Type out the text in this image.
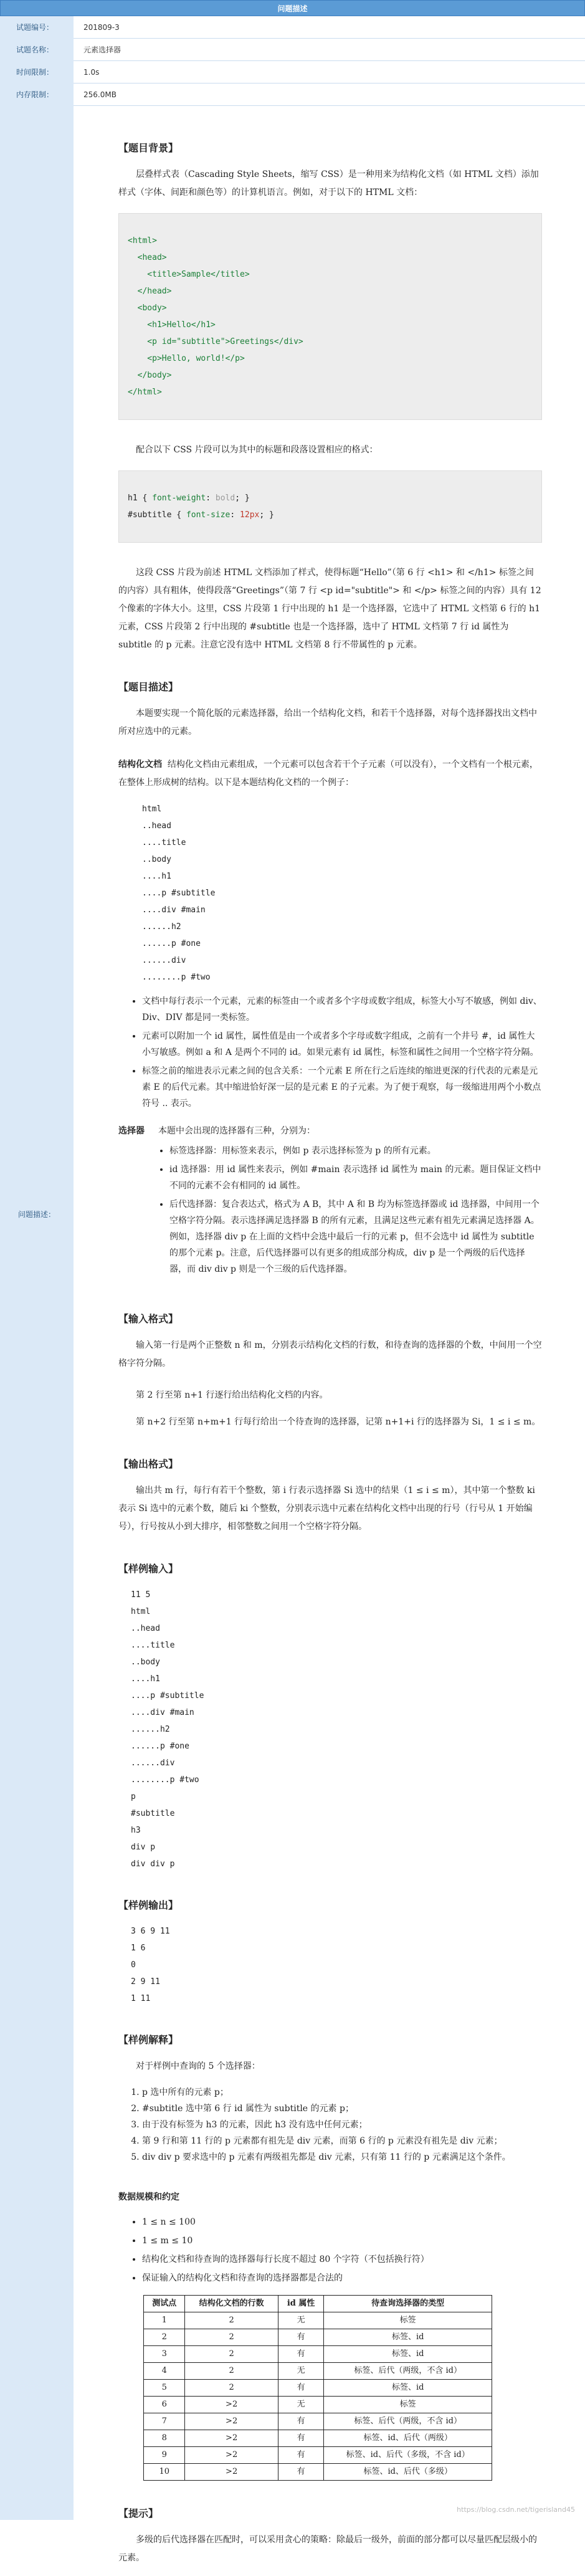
问题描述
试题编号：	201809-3
试题名称：	元素选择器
时间限制：	1.0s
内存限制：	256.0MB
问题描述：
【题目背景】

层叠样式表（Cascading Style Sheets，缩写 CSS）是一种用来为结构化文档（如 HTML 文档）添加样式（字体、间距和颜色等）的计算机语言。例如，对于以下的 HTML 文档：

<html>
<head>
<title>Sample</title>
</head>
<body>
<h1>Hello</h1>
<p id="subtitle">Greetings</div>
<p>Hello, world!</p>
</body>
</html>

配合以下 CSS 片段可以为其中的标题和段落设置相应的格式：

h1 { font-weight: bold; }
#subtitle { font-size: 12px; }

这段 CSS 片段为前述 HTML 文档添加了样式，使得标题“Hello”（第 6 行 <h1> 和 </h1> 标签之间的内容）具有粗体，使得段落“Greetings”（第 7 行 <p id="subtitle"> 和 </p> 标签之间的内容）具有 12 个像素的字体大小。这里，CSS 片段第 1 行中出现的 h1 是一个选择器，它选中了 HTML 文档第 6 行的 h1 元素，CSS 片段第 2 行中出现的 #subtitle 也是一个选择器，选中了 HTML 文档第 7 行 id 属性为 subtitle 的 p 元素。注意它没有选中 HTML 文档第 8 行不带属性的 p 元素。

【题目描述】

本题要实现一个简化版的元素选择器，给出一个结构化文档，和若干个选择器，对每个选择器找出文档中所对应选中的元素。

结构化文档 结构化文档由元素组成，一个元素可以包含若干个子元素（可以没有），一个文档有一个根元素，在整体上形成树的结构。以下是本题结构化文档的一个例子：

html
..head
....title
..body
....h1
....p #subtitle
....div #main
......h2
......p #one
......div
........p #two
• 文档中每行表示一个元素，元素的标签由一个或者多个字母或数字组成，标签大小写不敏感，例如 div、Div、DIV 都是同一类标签。
• 元素可以附加一个 id 属性，属性值是由一个或者多个字母或数字组成，之前有一个井号 #，id 属性大小写敏感。例如 a 和 A 是两个不同的 id。如果元素有 id 属性，标签和属性之间用一个空格字符分隔。
• 标签之前的缩进表示元素之间的包含关系：一个元素 E 所在行之后连续的缩进更深的行代表的元素是元素 E 的后代元素。其中缩进恰好深一层的是元素 E 的子元素。为了便于观察，每一级缩进用两个小数点符号 .. 表示。
选择器	本题中会出现的选择器有三种，分别为：
• 标签选择器：用标签来表示，例如 p 表示选择标签为 p 的所有元素。
• id 选择器：用 id 属性来表示，例如 #main 表示选择 id 属性为 main 的元素。题目保证文档中不同的元素不会有相同的 id 属性。
• 后代选择器：复合表达式，格式为 A B，其中 A 和 B 均为标签选择器或 id 选择器，中间用一个空格字符分隔。表示选择满足选择器 B 的所有元素，且满足这些元素有祖先元素满足选择器 A。例如，选择器 div p 在上面的文档中会选中最后一行的元素 p，但不会选中 id 属性为 subtitle 的那个元素 p。注意，后代选择器可以有更多的组成部分构成，div p 是一个两级的后代选择器，而 div div p 则是一个三级的后代选择器。
【输入格式】

输入第一行是两个正整数 n 和 m，分别表示结构化文档的行数，和待查询的选择器的个数，中间用一个空格字符分隔。

第 2 行至第 n+1 行逐行给出结构化文档的内容。

第 n+2 行至第 n+m+1 行每行给出一个待查询的选择器，记第 n+1+i 行的选择器为 Si，1 ≤ i ≤ m。

【输出格式】

输出共 m 行，每行有若干个整数，第 i 行表示选择器 Si 选中的结果（1 ≤ i ≤ m），其中第一个整数 ki 表示 Si 选中的元素个数，随后 ki 个整数，分别表示选中元素在结构化文档中出现的行号（行号从 1 开始编号），行号按从小到大排序，相邻整数之间用一个空格字符分隔。

【样例输入】
11 5
html
..head
....title
..body
....h1
....p #subtitle
....div #main
......h2
......p #one
......div
........p #two
p
#subtitle
h3
div p
div div p
【样例输出】
3 6 9 11
1 6
0
2 9 11
1 11
【样例解释】

对于样例中查询的 5 个选择器：

1. p 选中所有的元素 p；
2. #subtitle 选中第 6 行 id 属性为 subtitle 的元素 p；
3. 由于没有标签为 h3 的元素，因此 h3 没有选中任何元素；
4. 第 9 行和第 11 行的 p 元素都有祖先是 div 元素，而第 6 行的 p 元素没有祖先是 div 元素；
5. div div p 要求选中的 p 元素有两级祖先都是 div 元素，只有第 11 行的 p 元素满足这个条件。
数据规模和约定
• 1 ≤ n ≤ 100
• 1 ≤ m ≤ 10
• 结构化文档和待查询的选择器每行长度不超过 80 个字符（不包括换行符）
• 保证输入的结构化文档和待查询的选择器都是合法的
测试点	结构化文档的行数	id 属性	待查询选择器的类型
1	2	无	标签
2	2	有	标签、id
3	2	有	标签、id
4	2	无	标签、后代（两级，不含 id）
5	2	有	标签、id
6	>2	无	标签
7	>2	有	标签、后代（两级，不含 id）
8	>2	有	标签、id、后代（两级）
9	>2	有	标签、id、后代（多级，不含 id）
10	>2	有	标签、id、后代（多级）
【提示】

多级的后代选择器在匹配时，可以采用贪心的策略：除最后一级外，前面的部分都可以尽量匹配层级小的元素。

https://blog.csdn.net/tigerisland45
